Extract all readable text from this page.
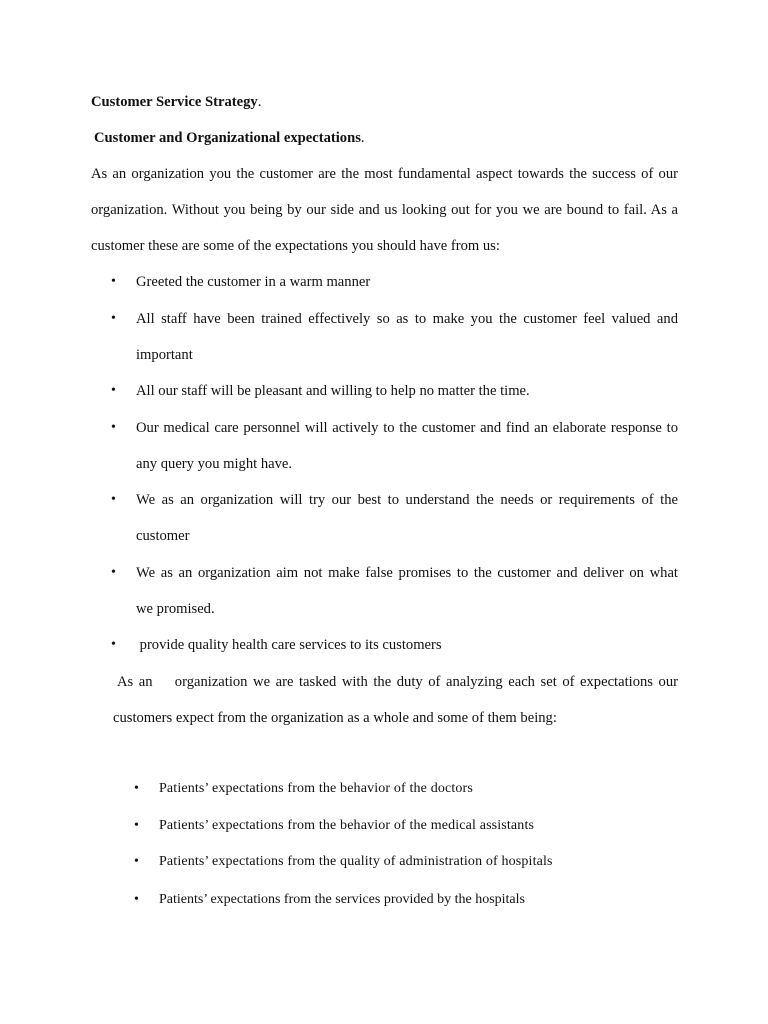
Customer Service Strategy.
Customer and Organizational expectations.
As an organization you the customer are the most fundamental aspect towards the success of our
organization. Without you being by our side and us looking out for you we are bound to fail. As a
customer these are some of the expectations you should have from us:
• Greeted the customer in a warm manner
• All staff have been trained effectively so as to make you the customer feel valued and
important
• All our staff will be pleasant and willing to help no matter the time.
• Our medical care personnel will actively to the customer and find an elaborate response to
any query you might have.
• We as an organization will try our best to understand the needs or requirements of the
customer
• We as an organization aim not make false promises to the customer and deliver on what
we promised.
• provide quality health care services to its customers
As an    organization we are tasked with the duty of analyzing each set of expectations our
customers expect from the organization as a whole and some of them being:
• Patients’ expectations from the behavior of the doctors
• Patients’ expectations from the behavior of the medical assistants
• Patients’ expectations from the quality of administration of hospitals
• Patients’ expectations from the services provided by the hospitals
